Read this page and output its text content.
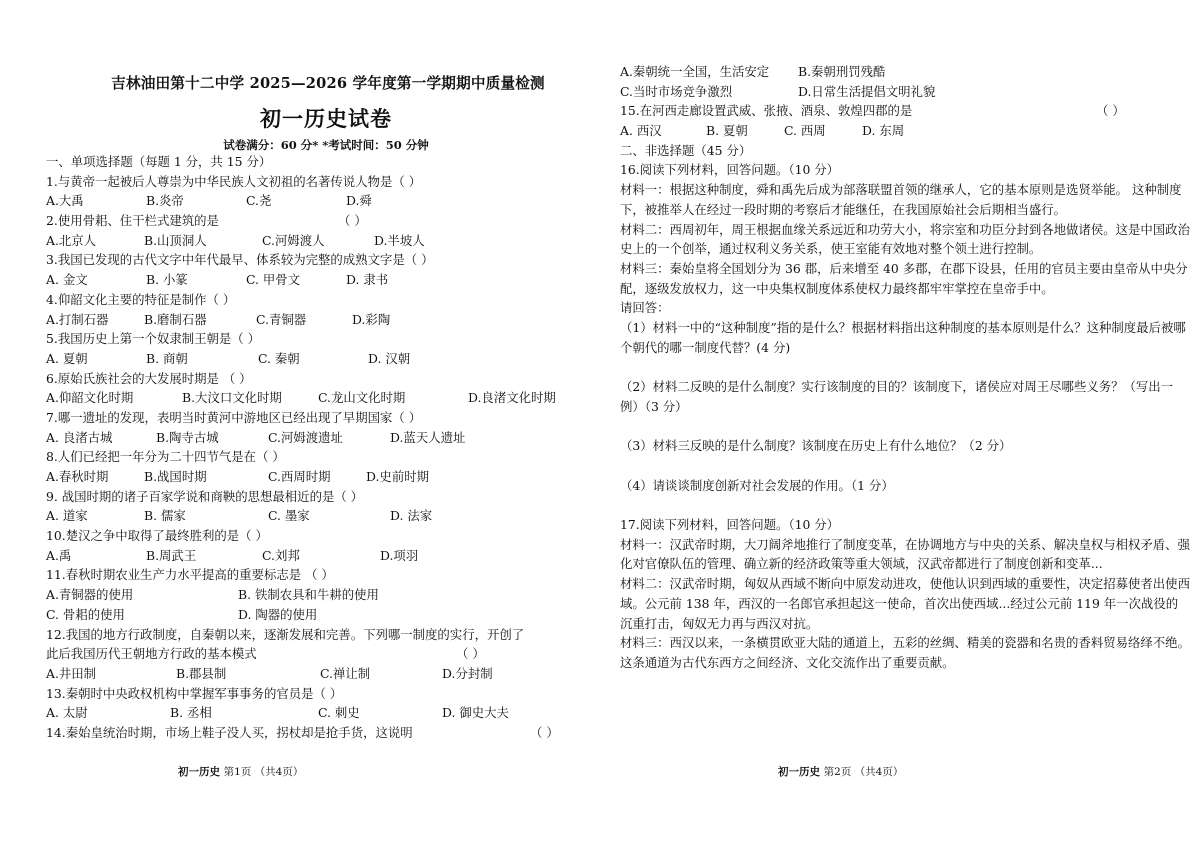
吉林油田第十二中学 2025—2026 学年度第一学期期中质量检测
初一历史试卷
试卷满分：60 分* *考试时间：50 分钟
一、单项选择题（每题 1 分，共 15 分）
1.与黄帝一起被后人尊崇为中华民族人文初祖的名著传说人物是（ ）
A.大禹	B.炎帝	C.尧	D.舜
2.使用骨耜、住干栏式建筑的是	（ ）
A.北京人	B.山顶洞人	C.河姆渡人	D.半坡人
3.我国已发现的古代文字中年代最早、体系较为完整的成熟文字是（ ）
A. 金文	B. 小篆	C. 甲骨文	D. 隶书
4.仰韶文化主要的特征是制作（ ）
A.打制石器	B.磨制石器	C.青铜器	D.彩陶
5.我国历史上第一个奴隶制王朝是（ ）
A. 夏朝	B. 商朝	C. 秦朝	D. 汉朝
6.原始氏族社会的大发展时期是 （ ）
A.仰韶文化时期	B.大汶口文化时期	C.龙山文化时期	D.良渚文化时期
7.哪一遗址的发现，表明当时黄河中游地区已经出现了早期国家（ ）
A. 良渚古城	B.陶寺古城	C.河姆渡遗址	D.蓝天人遗址
8.人们已经把一年分为二十四节气是在（ ）
A.春秋时期	B.战国时期	C.西周时期	D.史前时期
9. 战国时期的诸子百家学说和商鞅的思想最相近的是（ ）
A. 道家	B. 儒家	C. 墨家	D. 法家
10.楚汉之争中取得了最终胜利的是（ ）
A.禹	B.周武王	C.刘邦	D.项羽
11.春秋时期农业生产力水平提高的重要标志是 （ ）
A.青铜器的使用	B. 铁制农具和牛耕的使用
C. 骨耜的使用	D. 陶器的使用
12.我国的地方行政制度，自秦朝以来，逐渐发展和完善。下列哪一制度的实行，开创了
此后我国历代王朝地方行政的基本模式	（ ）
A.井田制	B.郡县制	C.禅让制	D.分封制
13.秦朝时中央政权机构中掌握军事事务的官员是（ ）
A. 太尉	B. 丞相	C. 刺史	D. 御史大夫
14.秦始皇统治时期，市场上鞋子没人买，拐杖却是抢手货，这说明	（ ）
初一历史 第1页 （共4页）
A.秦朝统一全国，生活安定	B.秦朝刑罚残酷
C.当时市场竞争激烈	D.日常生活提倡文明礼貌
15.在河西走廊设置武威、张掖、酒泉、敦煌四郡的是	（ ）
A. 西汉	B. 夏朝	C. 西周	D. 东周
二、非选择题（45 分）
16.阅读下列材料，回答问题。（10 分）
材料一：根据这种制度，舜和禹先后成为部落联盟首领的继承人，它的基本原则是选贤举能。 这种制度下，被推举人在经过一段时期的考察后才能继任，在我国原始社会后期相当盛行。
材料二：西周初年，周王根据血缘关系远近和功劳大小，将宗室和功臣分封到各地做诸侯。这是中国政治史上的一个创举，通过权利义务关系，使王室能有效地对整个领土进行控制。
材料三：秦始皇将全国划分为 36 郡，后来增至 40 多郡，在郡下设县，任用的官员主要由皇帝从中央分配，逐级发放权力，这一中央集权制度体系使权力最终都牢牢掌控在皇帝手中。
请回答：
（1）材料一中的“这种制度”指的是什么？根据材料指出这种制度的基本原则是什么？这种制度最后被哪个朝代的哪一制度代替？(4 分)
（2）材料二反映的是什么制度？实行该制度的目的？该制度下，诸侯应对周王尽哪些义务？（写出一例）（3 分）
（3）材料三反映的是什么制度？该制度在历史上有什么地位？（2 分）
（4）请谈谈制度创新对社会发展的作用。（1 分）
17.阅读下列材料，回答问题。（10 分）
材料一：汉武帝时期，大刀阔斧地推行了制度变革，在协调地方与中央的关系、解决皇权与相权矛盾、强化对官僚队伍的管理、确立新的经济政策等重大领域，汉武帝都进行了制度创新和变革...
材料二：汉武帝时期，匈奴从西域不断向中原发动进攻，使他认识到西域的重要性，决定招募使者出使西域。公元前 138 年，西汉的一名郎官承担起这一使命，首次出使西域...经过公元前 119 年一次战役的沉重打击，匈奴无力再与西汉对抗。
材料三：西汉以来，一条横贯欧亚大陆的通道上，五彩的丝绸、精美的瓷器和名贵的香料贸易络绎不绝。这条通道为古代东西方之间经济、文化交流作出了重要贡献。
初一历史 第2页 （共4页）
